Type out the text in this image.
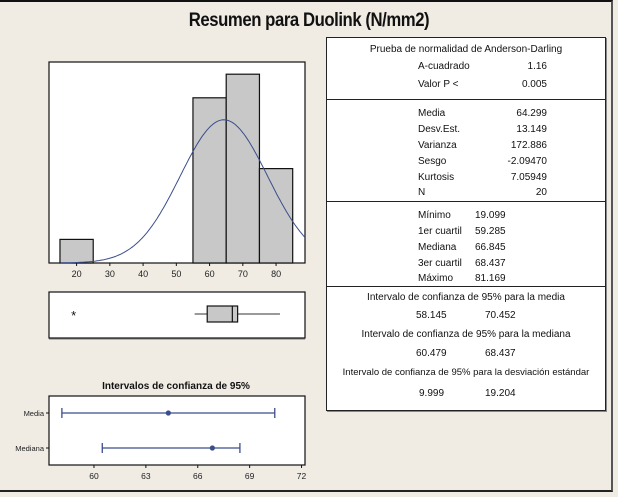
Resumen para Duolink (N/mm2)
20	30	40	50	60	70	80
*
Intervalos de confianza de 95%
Media
Mediana
60	63	66	69	72
Prueba de normalidad de Anderson-Darling
A-cuadrado	1.16
Valor P <	0.005
Media	64.299
Desv.Est.	13.149
Varianza	172.886
Sesgo	-2.09470
Kurtosis	7.05949
N	20
Mínimo 19.099
1er cuartil 59.285
Mediana 66.845
3er cuartil 68.437
Máximo 81.169
Intervalo de confianza de 95% para la media
58.145	70.452
Intervalo de confianza de 95% para la mediana
60.479	68.437
Intervalo de confianza de 95% para la desviación estándar
9.999	19.204
